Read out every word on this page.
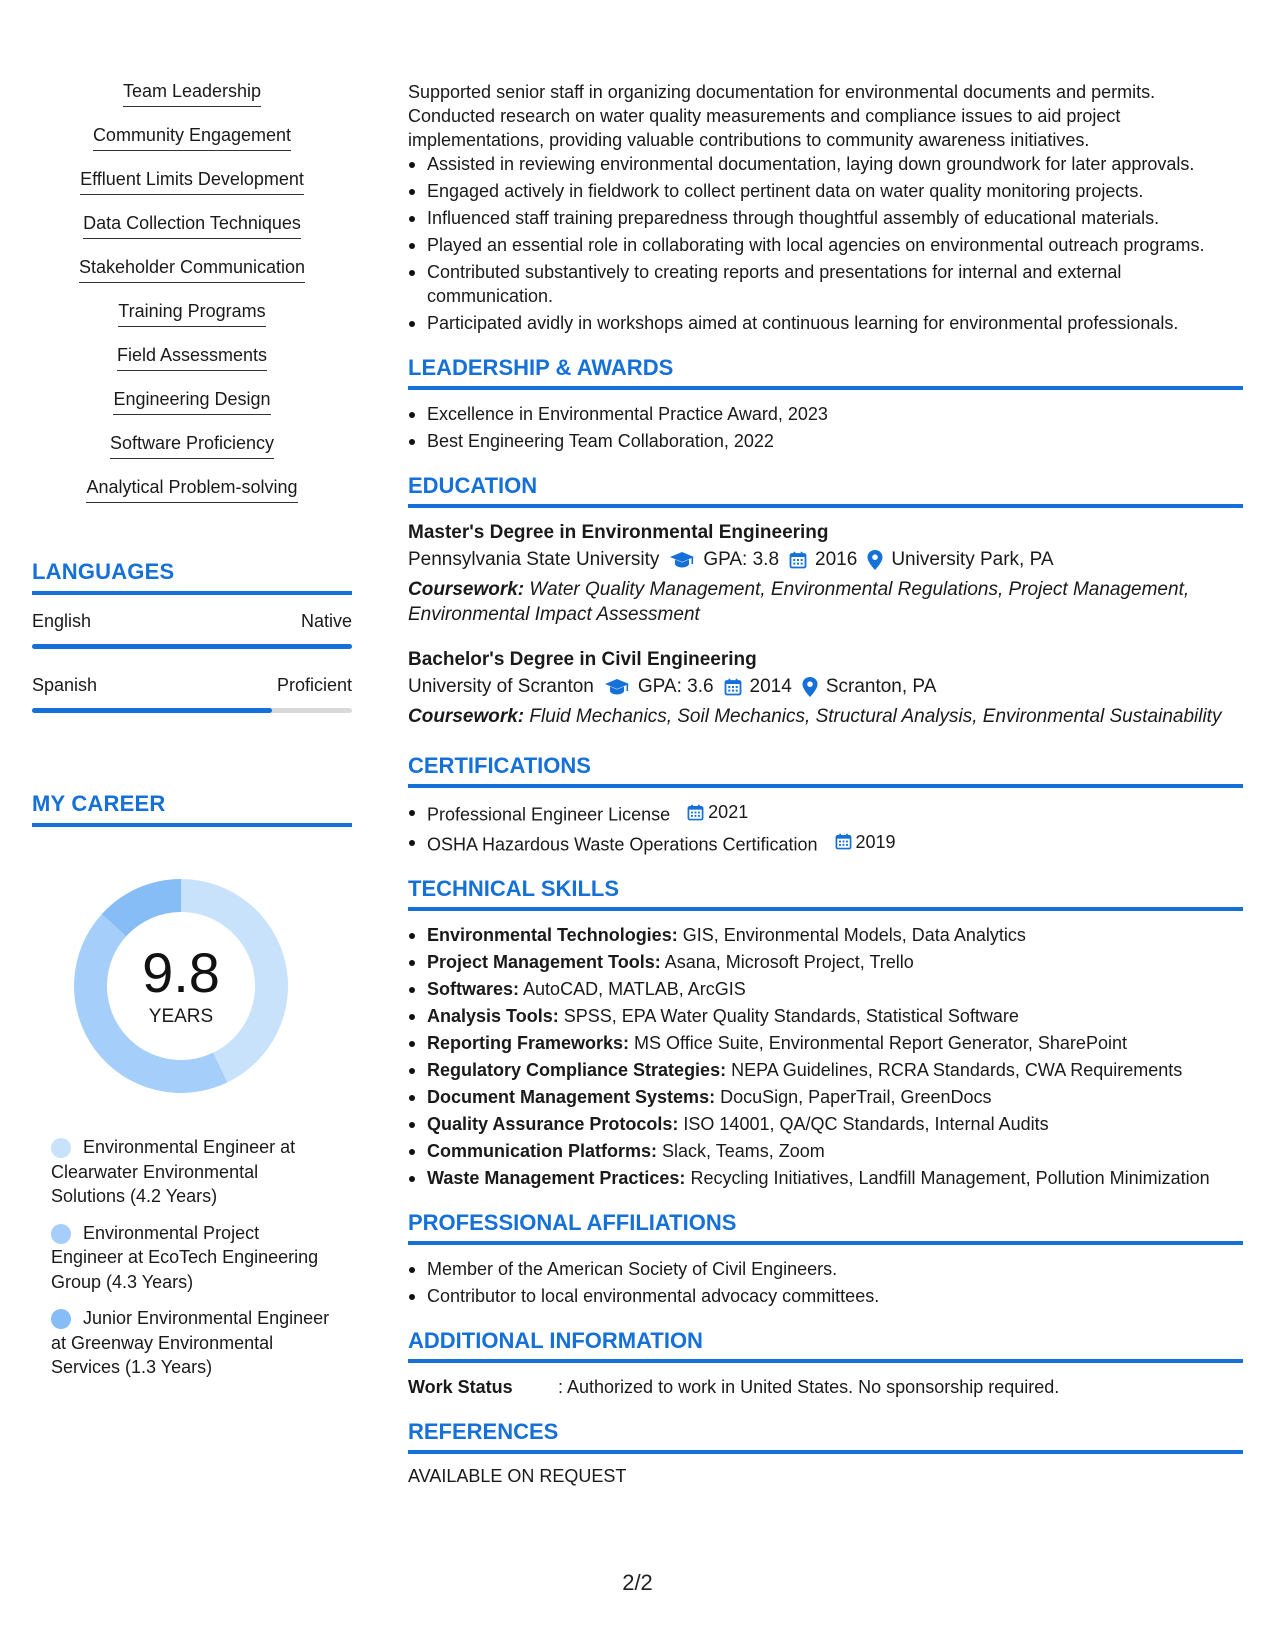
Team Leadership
Community Engagement
Effluent Limits Development
Data Collection Techniques
Stakeholder Communication
Training Programs
Field Assessments
Engineering Design
Software Proficiency
Analytical Problem-solving
LANGUAGES
English	Native
Spanish	Proficient
MY CAREER
9.8
YEARS
Environmental Engineer at Clearwater Environmental Solutions (4.2 Years)
Environmental Project Engineer at EcoTech Engineering Group (4.3 Years)
Junior Environmental Engineer at Greenway Environmental Services (1.3 Years)

Supported senior staff in organizing documentation for environmental documents and permits. Conducted research on water quality measurements and compliance issues to aid project implementations, providing valuable contributions to community awareness initiatives.

Assisted in reviewing environmental documentation, laying down groundwork for later approvals.
Engaged actively in fieldwork to collect pertinent data on water quality monitoring projects.
Influenced staff training preparedness through thoughtful assembly of educational materials.
Played an essential role in collaborating with local agencies on environmental outreach programs.
Contributed substantively to creating reports and presentations for internal and external communication.
Participated avidly in workshops aimed at continuous learning for environmental professionals.
LEADERSHIP & AWARDS
Excellence in Environmental Practice Award, 2023
Best Engineering Team Collaboration, 2022
EDUCATION
Master's Degree in Environmental Engineering
Pennsylvania State University GPA: 3.8 2016 University Park, PA
Coursework: Water Quality Management, Environmental Regulations, Project Management, Environmental Impact Assessment
Bachelor's Degree in Civil Engineering
University of Scranton GPA: 3.6 2014 Scranton, PA
Coursework: Fluid Mechanics, Soil Mechanics, Structural Analysis, Environmental Sustainability
CERTIFICATIONS
Professional Engineer License 2021
OSHA Hazardous Waste Operations Certification 2019
TECHNICAL SKILLS
Environmental Technologies: GIS, Environmental Models, Data Analytics
Project Management Tools: Asana, Microsoft Project, Trello
Softwares: AutoCAD, MATLAB, ArcGIS
Analysis Tools: SPSS, EPA Water Quality Standards, Statistical Software
Reporting Frameworks: MS Office Suite, Environmental Report Generator, SharePoint
Regulatory Compliance Strategies: NEPA Guidelines, RCRA Standards, CWA Requirements
Document Management Systems: DocuSign, PaperTrail, GreenDocs
Quality Assurance Protocols: ISO 14001, QA/QC Standards, Internal Audits
Communication Platforms: Slack, Teams, Zoom
Waste Management Practices: Recycling Initiatives, Landfill Management, Pollution Minimization
PROFESSIONAL AFFILIATIONS
Member of the American Society of Civil Engineers.
Contributor to local environmental advocacy committees.
ADDITIONAL INFORMATION
Work Status	: Authorized to work in United States. No sponsorship required.
REFERENCES
AVAILABLE ON REQUEST
2/2
